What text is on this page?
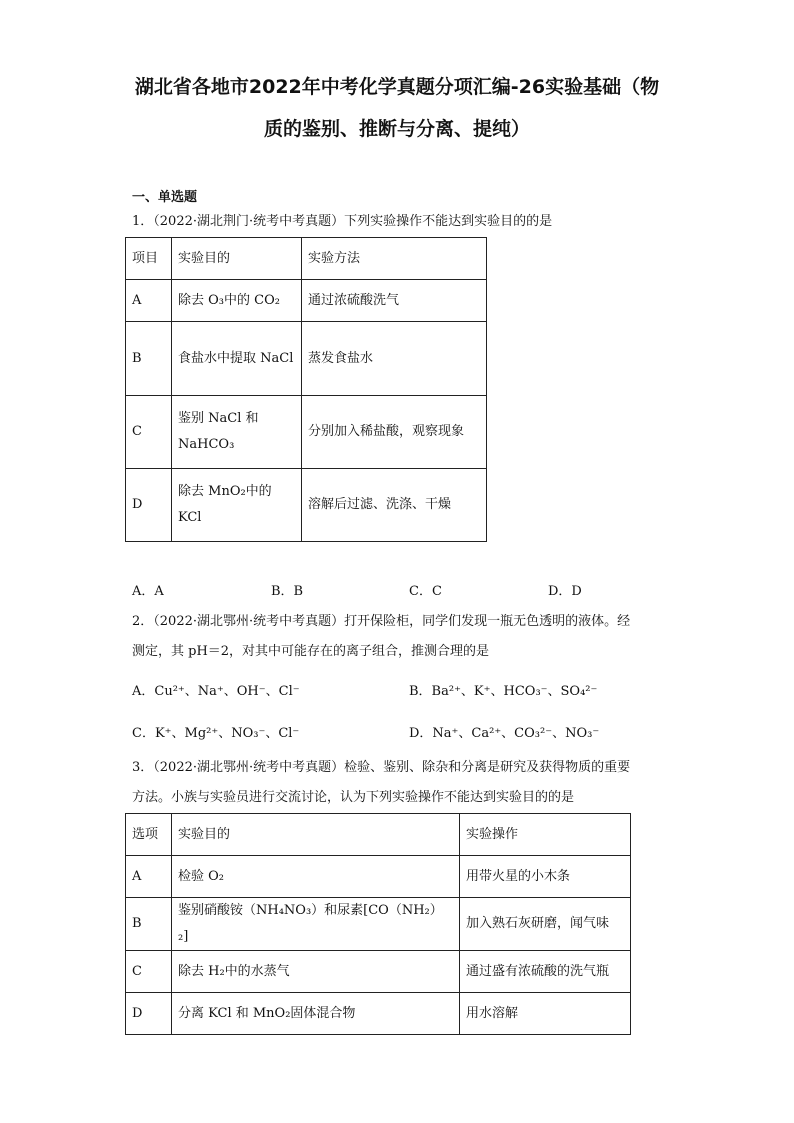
湖北省各地市2022年中考化学真题分项汇编-26实验基础（物
质的鉴别、推断与分离、提纯）
一、单选题
1．（2022·湖北荆门·统考中考真题）下列实验操作不能达到实验目的的是
项目	实验目的	实验方法
A	除去 O₃中的 CO₂	通过浓硫酸洗气
B	食盐水中提取 NaCl	蒸发食盐水
C	鉴别 NaCl 和 NaHCO₃	分别加入稀盐酸，观察现象
D	除去 MnO₂中的 KCl	溶解后过滤、洗涤、干燥
A．A	B．B	C．C	D．D
2．（2022·湖北鄂州·统考中考真题）打开保险柜，同学们发现一瓶无色透明的液体。经
测定，其 pH＝2，对其中可能存在的离子组合，推测合理的是
A．Cu²⁺、Na⁺、OH⁻、Cl⁻	B．Ba²⁺、K⁺、HCO₃⁻、SO₄²⁻
C．K⁺、Mg²⁺、NO₃⁻、Cl⁻	D．Na⁺、Ca²⁺、CO₃²⁻、NO₃⁻
3．（2022·湖北鄂州·统考中考真题）检验、鉴别、除杂和分离是研究及获得物质的重要
方法。小族与实验员进行交流讨论，认为下列实验操作不能达到实验目的的是
选项	实验目的	实验操作
A	检验 O₂	用带火星的小木条
B	鉴别硝酸铵（NH₄NO₃）和尿素[CO（NH₂）₂]	加入熟石灰研磨，闻气味
C	除去 H₂中的水蒸气	通过盛有浓硫酸的洗气瓶
D	分离 KCl 和 MnO₂固体混合物	用水溶解
